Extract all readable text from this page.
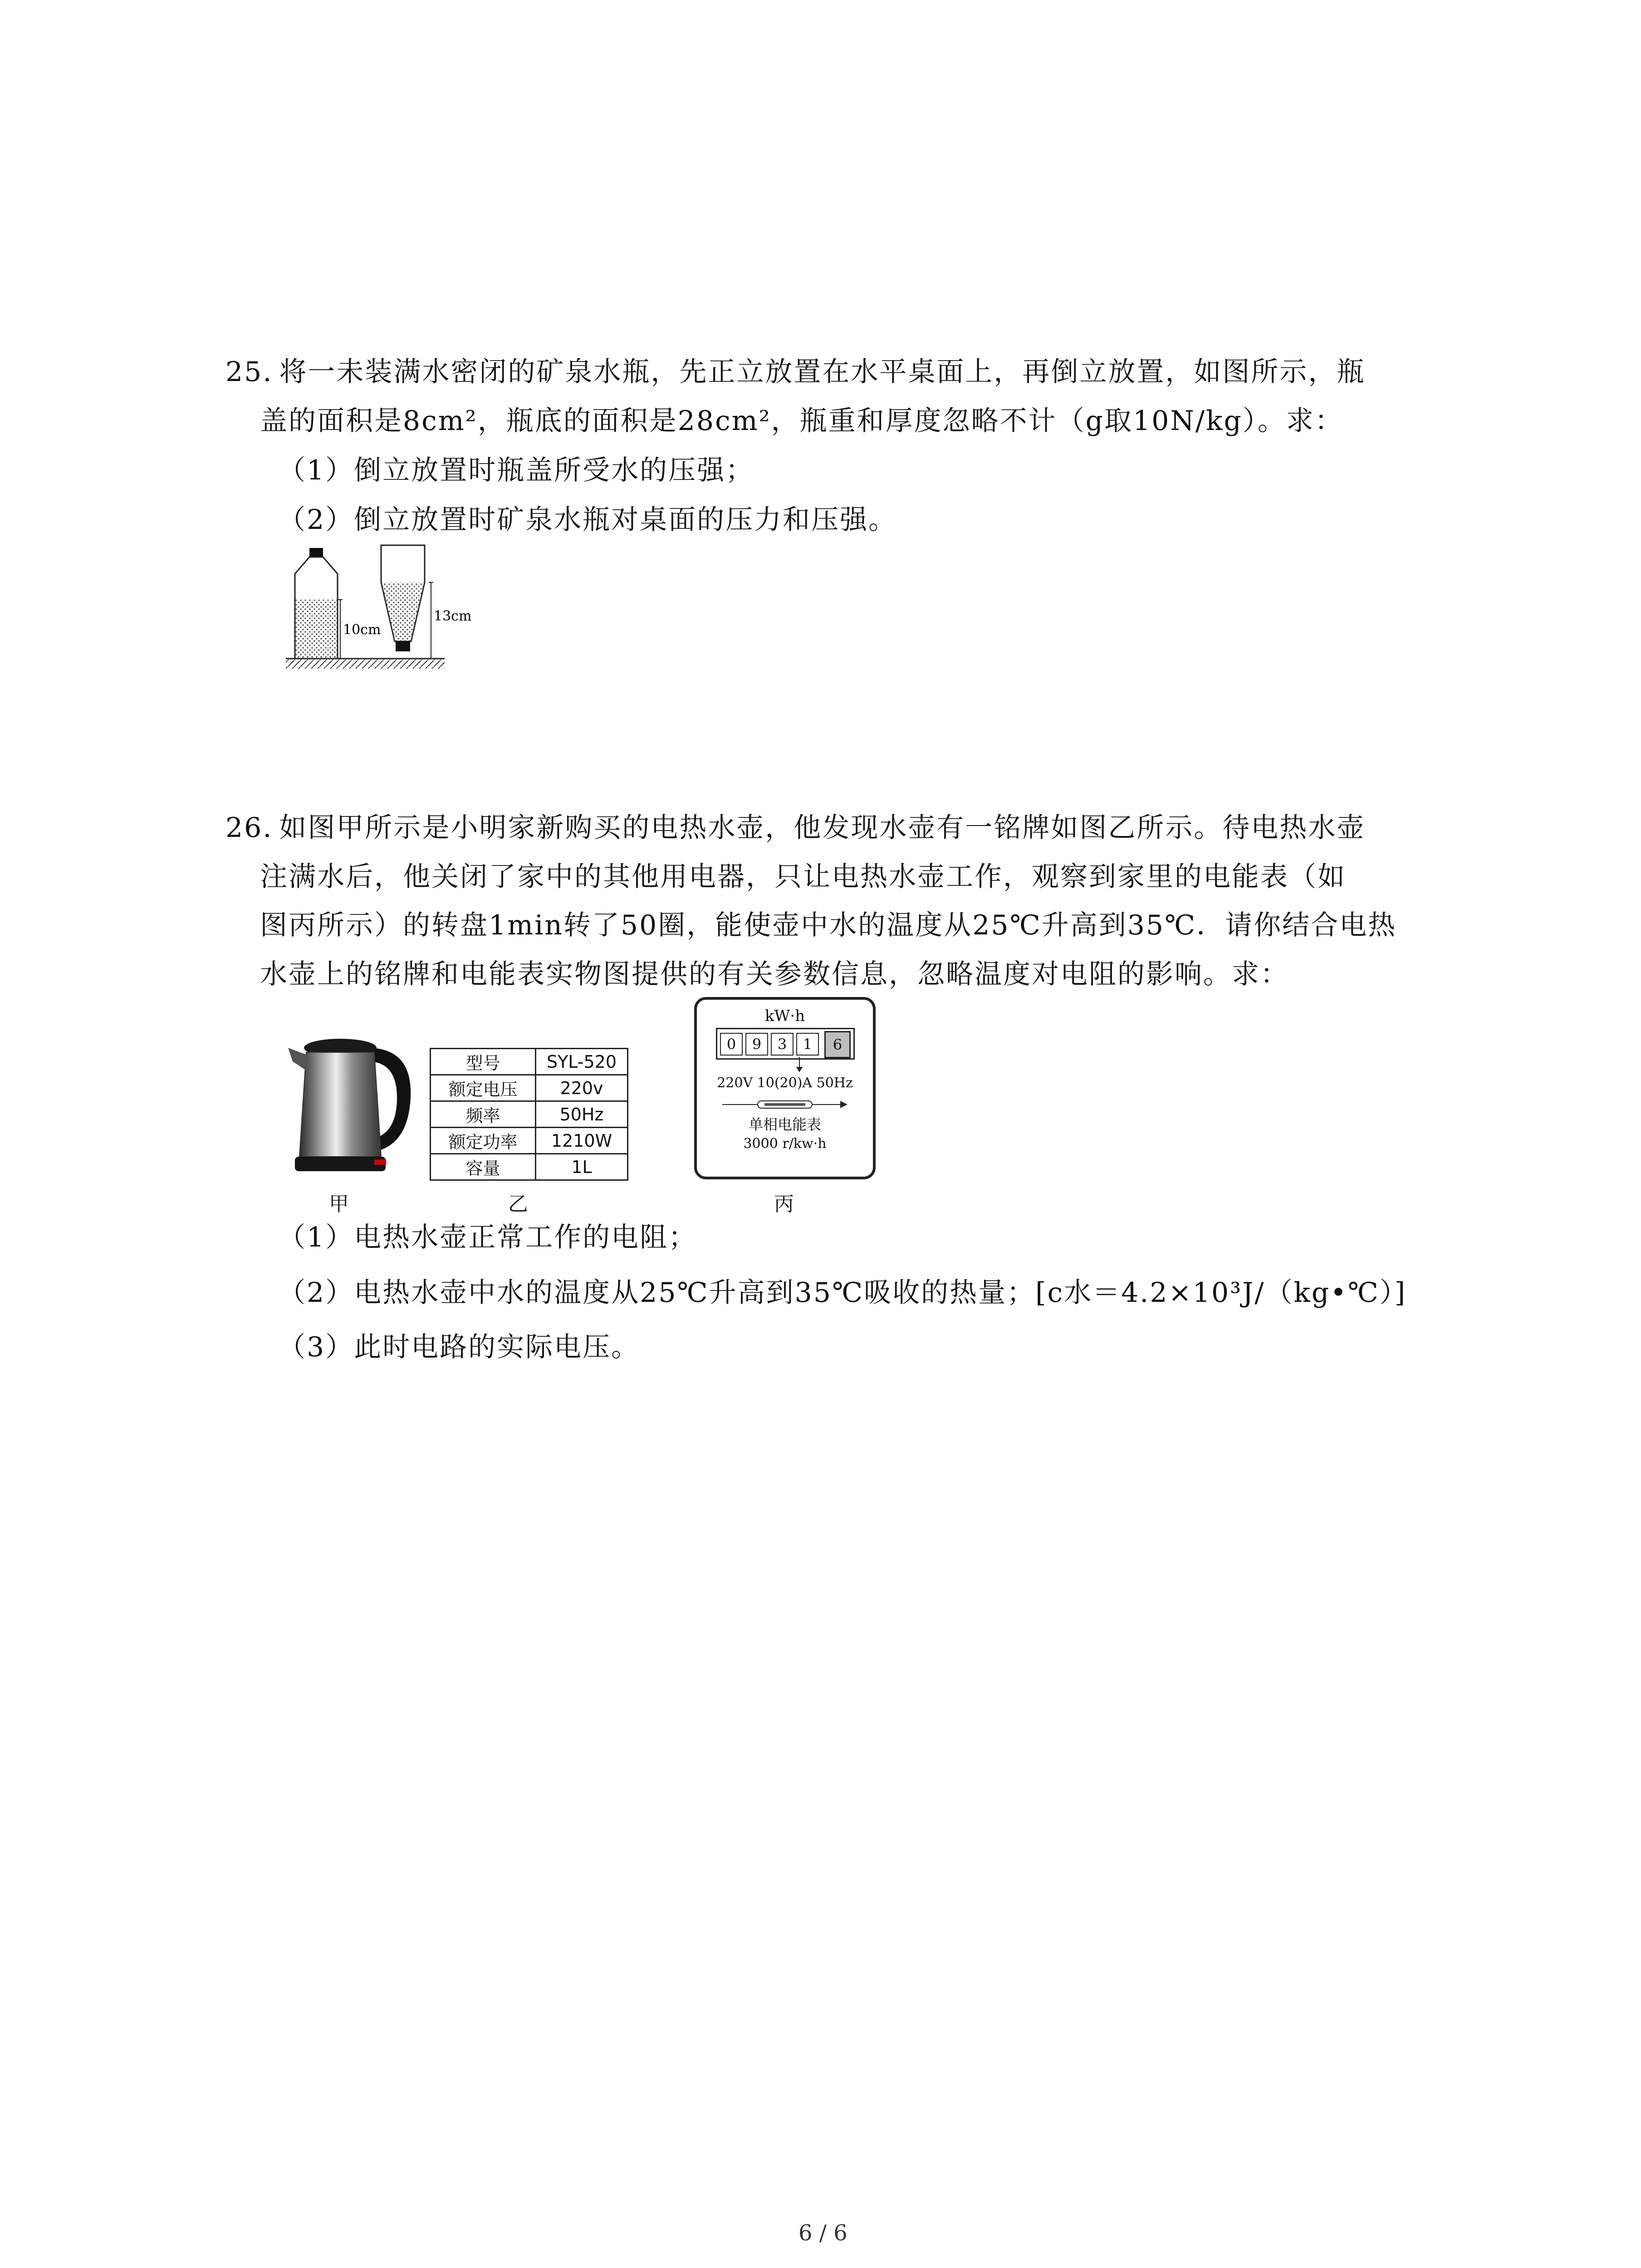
25. 将一未装满水密闭的矿泉水瓶，先正立放置在水平桌面上，再倒立放置，如图所示，瓶
盖的面积是8cm²，瓶底的面积是28cm²，瓶重和厚度忽略不计（g取10N/kg）。求：
（1）倒立放置时瓶盖所受水的压强；
（2）倒立放置时矿泉水瓶对桌面的压力和压强。
10cm
13cm
26. 如图甲所示是小明家新购买的电热水壶，他发现水壶有一铭牌如图乙所示。待电热水壶
注满水后，他关闭了家中的其他用电器，只让电热水壶工作，观察到家里的电能表（如
图丙所示）的转盘1min转了50圈，能使壶中水的温度从25℃升高到35℃．请你结合电热
水壶上的铭牌和电能表实物图提供的有关参数信息，忽略温度对电阻的影响。求：
甲
型号	SYL-520
额定电压	220v
频率	50Hz
额定功率	1210W
容量	1L
乙
kW·h
0	9	3	1	6
220V 10(20)A 50Hz
单相电能表
3000 r/kw·h
丙
（1）电热水壶正常工作的电阻；
（2）电热水壶中水的温度从25℃升高到35℃吸收的热量；[c水＝4.2×10³J/（kg•℃）]
（3）此时电路的实际电压。
6 / 6
